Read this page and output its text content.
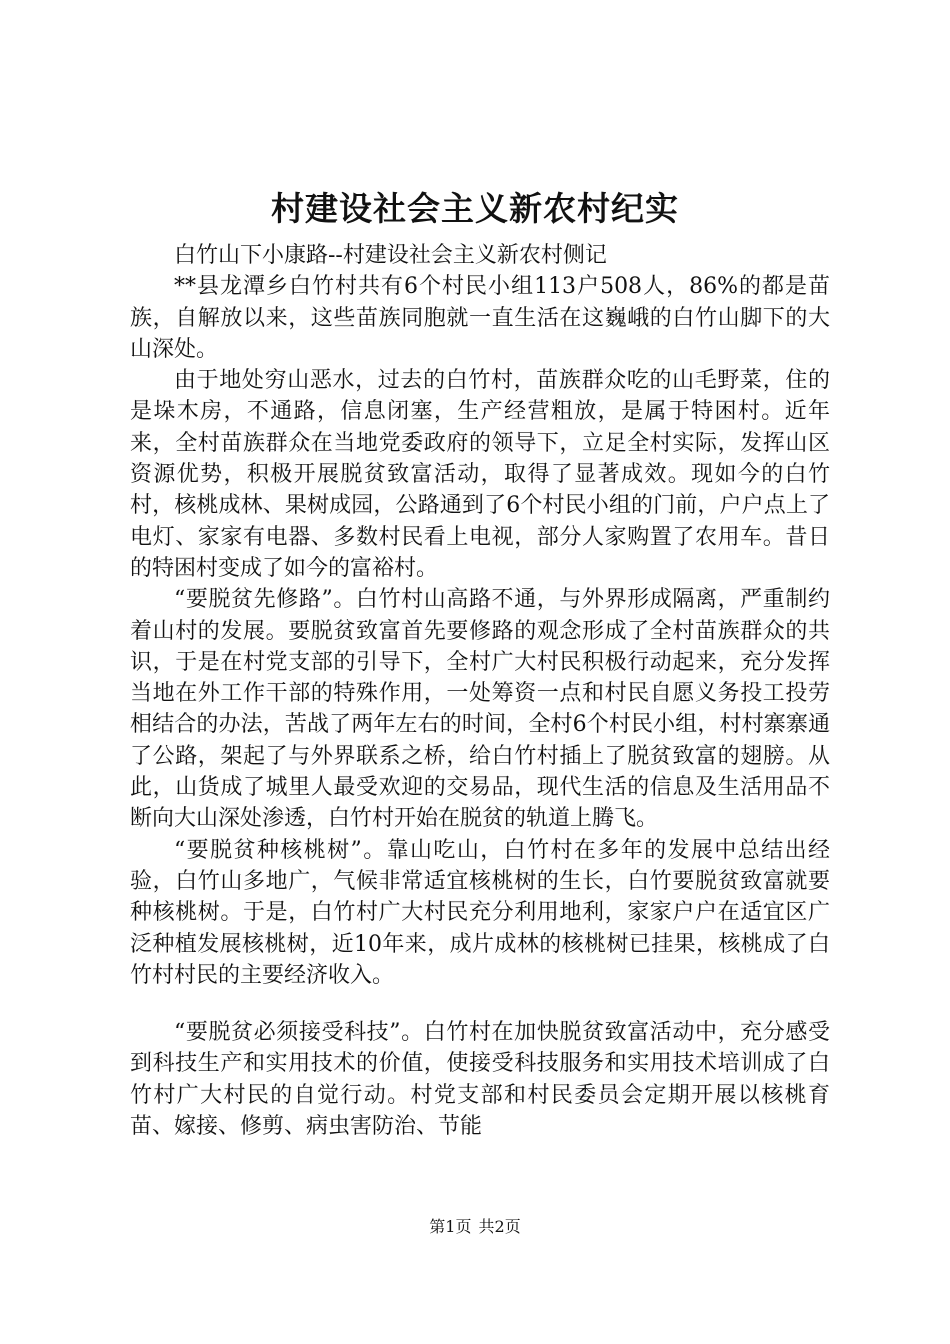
村建设社会主义新农村纪实

白竹山下小康路--村建设社会主义新农村侧记

**县龙潭乡白竹村共有6个村民小组113户508人，86%的都是苗族，自解放以来，这些苗族同胞就一直生活在这巍峨的白竹山脚下的大山深处。

由于地处穷山恶水，过去的白竹村，苗族群众吃的山毛野菜，住的是垛木房，不通路，信息闭塞，生产经营粗放，是属于特困村。近年来，全村苗族群众在当地党委政府的领导下，立足全村实际，发挥山区资源优势，积极开展脱贫致富活动，取得了显著成效。现如今的白竹村，核桃成林、果树成园，公路通到了6个村民小组的门前，户户点上了电灯、家家有电器、多数村民看上电视，部分人家购置了农用车。昔日的特困村变成了如今的富裕村。

“要脱贫先修路”。白竹村山高路不通，与外界形成隔离，严重制约着山村的发展。要脱贫致富首先要修路的观念形成了全村苗族群众的共识，于是在村党支部的引导下，全村广大村民积极行动起来，充分发挥当地在外工作干部的特殊作用，一处筹资一点和村民自愿义务投工投劳相结合的办法，苦战了两年左右的时间，全村6个村民小组，村村寨寨通了公路，架起了与外界联系之桥，给白竹村插上了脱贫致富的翅膀。从此，山货成了城里人最受欢迎的交易品，现代生活的信息及生活用品不断向大山深处渗透，白竹村开始在脱贫的轨道上腾飞。

“要脱贫种核桃树”。靠山吃山，白竹村在多年的发展中总结出经验，白竹山多地广，气候非常适宜核桃树的生长，白竹要脱贫致富就要种核桃树。于是，白竹村广大村民充分利用地利，家家户户在适宜区广泛种植发展核桃树，近10年来，成片成林的核桃树已挂果，核桃成了白竹村村民的主要经济收入。

“要脱贫必须接受科技”。白竹村在加快脱贫致富活动中，充分感受到科技生产和实用技术的价值，使接受科技服务和实用技术培训成了白竹村广大村民的自觉行动。村党支部和村民委员会定期开展以核桃育苗、嫁接、修剪、病虫害防治、节能

第1页 共2页
